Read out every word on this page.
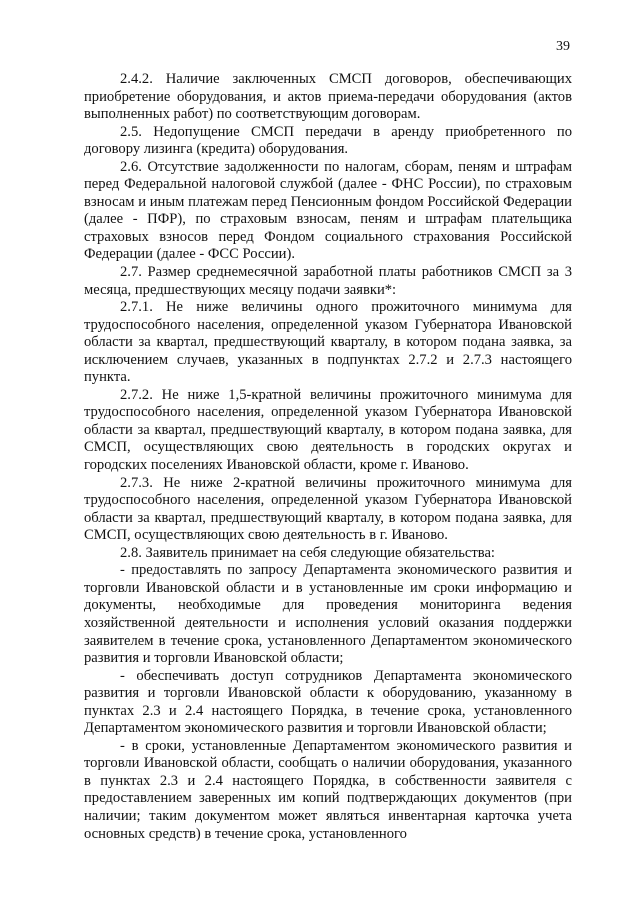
39

2.4.2. Наличие заключенных СМСП договоров, обеспечивающих приобретение оборудования, и актов приема-передачи оборудования (актов выполненных работ) по соответствующим договорам.

2.5. Недопущение СМСП передачи в аренду приобретенного по договору лизинга (кредита) оборудования.

2.6. Отсутствие задолженности по налогам, сборам, пеням и штрафам перед Федеральной налоговой службой (далее - ФНС России), по страховым взносам и иным платежам перед Пенсионным фондом Российской Федерации (далее - ПФР), по страховым взносам, пеням и штрафам плательщика страховых взносов перед Фондом социального страхования Российской Федерации (далее - ФСС России).

2.7. Размер среднемесячной заработной платы работников СМСП за 3 месяца, предшествующих месяцу подачи заявки*:

2.7.1. Не ниже величины одного прожиточного минимума для трудоспособного населения, определенной указом Губернатора Ивановской области за квартал, предшествующий кварталу, в котором подана заявка, за исключением случаев, указанных в подпунктах 2.7.2 и 2.7.3 настоящего пункта.

2.7.2. Не ниже 1,5-кратной величины прожиточного минимума для трудоспособного населения, определенной указом Губернатора Ивановской области за квартал, предшествующий кварталу, в котором подана заявка, для СМСП, осуществляющих свою деятельность в городских округах и городских поселениях Ивановской области, кроме г. Иваново.

2.7.3. Не ниже 2-кратной величины прожиточного минимума для трудоспособного населения, определенной указом Губернатора Ивановской области за квартал, предшествующий кварталу, в котором подана заявка, для СМСП, осуществляющих свою деятельность в г. Иваново.

2.8. Заявитель принимает на себя следующие обязательства:

- предоставлять по запросу Департамента экономического развития и торговли Ивановской области и в установленные им сроки информацию и документы, необходимые для проведения мониторинга ведения хозяйственной деятельности и исполнения условий оказания поддержки заявителем в течение срока, установленного Департаментом экономического развития и торговли Ивановской области;

- обеспечивать доступ сотрудников Департамента экономического развития и торговли Ивановской области к оборудованию, указанному в пунктах 2.3 и 2.4 настоящего Порядка, в течение срока, установленного Департаментом экономического развития и торговли Ивановской области;

- в сроки, установленные Департаментом экономического развития и торговли Ивановской области, сообщать о наличии оборудования, указанного в пунктах 2.3 и 2.4 настоящего Порядка, в собственности заявителя с предоставлением заверенных им копий подтверждающих документов (при наличии; таким документом может являться инвентарная карточка учета основных средств) в течение срока, установленного
